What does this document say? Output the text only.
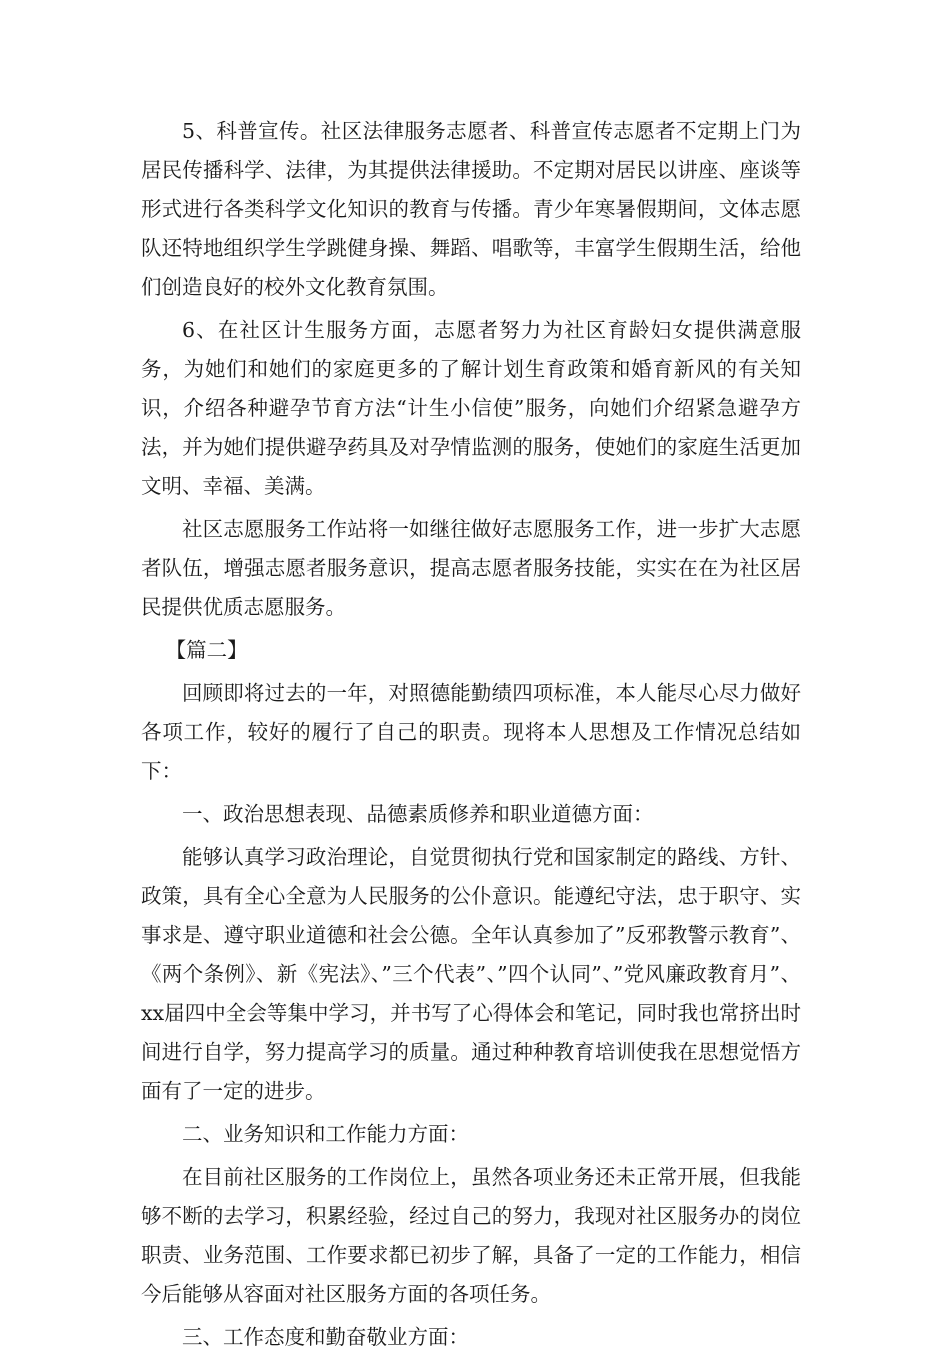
5、科普宣传。社区法律服务志愿者、科普宣传志愿者不定期上门为居民传播科学、法律，为其提供法律援助。不定期对居民以讲座、座谈等形式进行各类科学文化知识的教育与传播。青少年寒暑假期间，文体志愿队还特地组织学生学跳健身操、舞蹈、唱歌等，丰富学生假期生活，给他们创造良好的校外文化教育氛围。

6、在社区计生服务方面，志愿者努力为社区育龄妇女提供满意服务，为她们和她们的家庭更多的了解计划生育政策和婚育新风的有关知识，介绍各种避孕节育方法“计生小信使”服务，向她们介绍紧急避孕方法，并为她们提供避孕药具及对孕情监测的服务，使她们的家庭生活更加文明、幸福、美满。

社区志愿服务工作站将一如继往做好志愿服务工作，进一步扩大志愿者队伍，增强志愿者服务意识，提高志愿者服务技能，实实在在为社区居民提供优质志愿服务。

【篇二】

回顾即将过去的一年，对照德能勤绩四项标准，本人能尽心尽力做好各项工作，较好的履行了自己的职责。现将本人思想及工作情况总结如下：

一、政治思想表现、品德素质修养和职业道德方面：

能够认真学习政治理论，自觉贯彻执行党和国家制定的路线、方针、政策，具有全心全意为人民服务的公仆意识。能遵纪守法，忠于职守、实事求是、遵守职业道德和社会公德。全年认真参加了”反邪教警示教育”、《两个条例》、新《宪法》、”三个代表”、”四个认同”、”党风廉政教育月”、xx届四中全会等集中学习，并书写了心得体会和笔记，同时我也常挤出时间进行自学，努力提高学习的质量。通过种种教育培训使我在思想觉悟方面有了一定的进步。

二、业务知识和工作能力方面：

在目前社区服务的工作岗位上，虽然各项业务还未正常开展，但我能够不断的去学习，积累经验，经过自己的努力，我现对社区服务办的岗位职责、业务范围、工作要求都已初步了解，具备了一定的工作能力，相信今后能够从容面对社区服务方面的各项任务。

三、工作态度和勤奋敬业方面：
